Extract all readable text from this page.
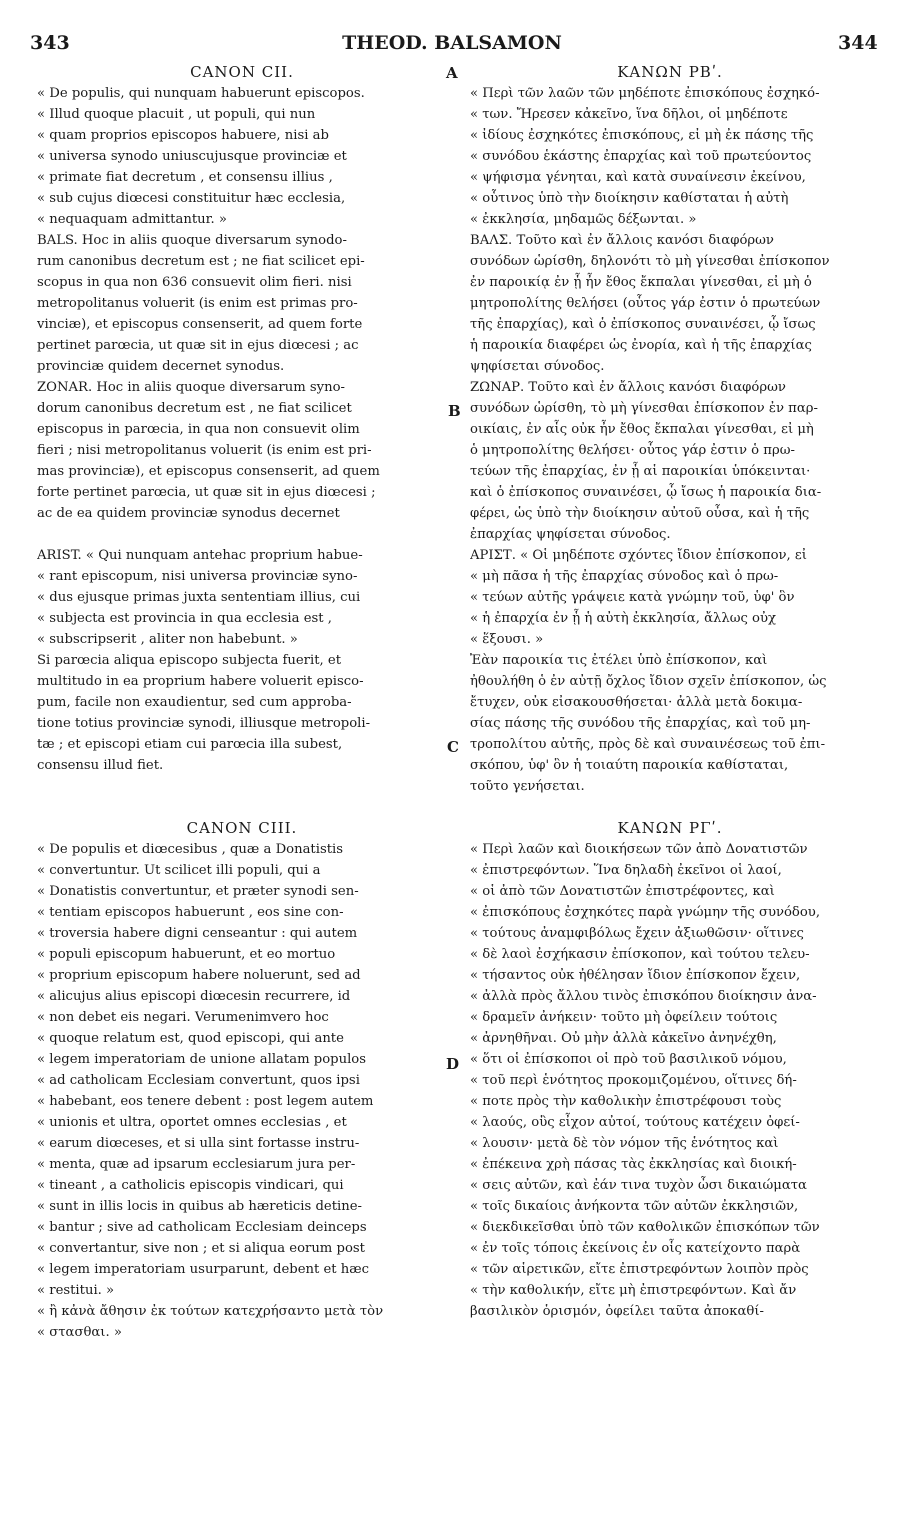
343	THEOD. BALSAMON	344
A
B
C
D
CANON CII.
« De populis, qui nunquam habuerunt episcopos.
« Illud quoque placuit , ut populi, qui nun
« quam proprios episcopos habuere, nisi ab
« universa synodo uniuscujusque provinciæ et
« primate fiat decretum , et consensu illius ,
« sub cujus diœcesi constituitur hæc ecclesia,
« nequaquam admittantur. »
BALS. Hoc in aliis quoque diversarum synodo-
rum canonibus decretum est ; ne fiat scilicet epi-
scopus in qua non 636 consuevit olim fieri. nisi
metropolitanus voluerit (is enim est primas pro-
vinciæ), et episcopus consenserit, ad quem forte
pertinet parœcia, ut quæ sit in ejus diœcesi ; ac
provinciæ quidem decernet synodus.
ZONAR. Hoc in aliis quoque diversarum syno-
dorum canonibus decretum est , ne fiat scilicet
episcopus in parœcia, in qua non consuevit olim
fieri ; nisi metropolitanus voluerit (is enim est pri-
mas provinciæ), et episcopus consenserit, ad quem
forte pertinet parœcia, ut quæ sit in ejus diœcesi ;
ac de ea quidem provinciæ synodus decernet
ARIST. « Qui nunquam antehac proprium habue-
« rant episcopum, nisi universa provinciæ syno-
« dus ejusque primas juxta sententiam illius, cui
« subjecta est provincia in qua ecclesia est ,
« subscripserit , aliter non habebunt. »
Si parœcia aliqua episcopo subjecta fuerit, et
multitudo in ea proprium habere voluerit episco-
pum, facile non exaudientur, sed cum approba-
tione totius provinciæ synodi, illiusque metropoli-
tæ ; et episcopi etiam cui parœcia illa subest,
consensu illud fiet.
CANON CIII.
« De populis et diœcesibus , quæ a Donatistis
« convertuntur. Ut scilicet illi populi, qui a
« Donatistis convertuntur, et præter synodi sen-
« tentiam episcopos habuerunt , eos sine con-
« troversia habere digni censeantur : qui autem
« populi episcopum habuerunt, et eo mortuo
« proprium episcopum habere noluerunt, sed ad
« alicujus alius episcopi diœcesin recurrere, id
« non debet eis negari. Verumenimvero hoc
« quoque relatum est, quod episcopi, qui ante
« legem imperatoriam de unione allatam populos
« ad catholicam Ecclesiam convertunt, quos ipsi
« habebant, eos tenere debent : post legem autem
« unionis et ultra, oportet omnes ecclesias , et
« earum diœceses, et si ulla sint fortasse instru-
« menta, quæ ad ipsarum ecclesiarum jura per-
« tineant , a catholicis episcopis vindicari, qui
« sunt in illis locis in quibus ab hæreticis detine-
« bantur ; sive ad catholicam Ecclesiam deinceps
« convertantur, sive non ; et si aliqua eorum post
« legem imperatoriam usurparunt, debent et hæc
« restitui. »
« ἢ κἀνὰ ἄθησιν ἐκ τούτων κατεχρήσαντο μετὰ τὸν
« στασθαι. »
ΚΑΝΩΝ ΡΒʹ.
« Περὶ τῶν λαῶν τῶν μηδέποτε ἐπισκόπους ἐσχηκό-
« των. Ἤρεσεν κἀκεῖνο, ἵνα δῆλοι, οἱ μηδέποτε
« ἰδίους ἐσχηκότες ἐπισκόπους, εἰ μὴ ἐκ πάσης τῆς
« συνόδου ἑκάστης ἐπαρχίας καὶ τοῦ πρωτεύοντος
« ψήφισμα γένηται, καὶ κατὰ συναίνεσιν ἐκείνου,
« οὗτινος ὑπὸ τὴν διοίκησιν καθίσταται ἡ αὐτὴ
« ἐκκλησία, μηδαμῶς δέξωνται. »
ΒΑΛΣ. Τοῦτο καὶ ἐν ἄλλοις κανόσι διαφόρων
συνόδων ὡρίσθη, δηλονότι τὸ μὴ γίνεσθαι ἐπίσκοπον
ἐν παροικίᾳ ἐν ᾗ ἦν ἔθος ἔκπαλαι γίνεσθαι, εἰ μὴ ὁ
μητροπολίτης θελήσει (οὗτος γάρ ἐστιν ὁ πρωτεύων
τῆς ἐπαρχίας), καὶ ὁ ἐπίσκοπος συναινέσει, ᾧ ἴσως
ἡ παροικία διαφέρει ὡς ἐνορία, καὶ ἡ τῆς ἐπαρχίας
ψηφίσεται σύνοδος.
ΖΩΝΑΡ. Τοῦτο καὶ ἐν ἄλλοις κανόσι διαφόρων
συνόδων ὡρίσθη, τὸ μὴ γίνεσθαι ἐπίσκοπον ἐν παρ-
οικίαις, ἐν αἷς οὐκ ἦν ἔθος ἔκπαλαι γίνεσθαι, εἰ μὴ
ὁ μητροπολίτης θελήσει· οὗτος γάρ ἐστιν ὁ πρω-
τεύων τῆς ἐπαρχίας, ἐν ᾗ αἱ παροικίαι ὑπόκεινται·
καὶ ὁ ἐπίσκοπος συναινέσει, ᾧ ἴσως ἡ παροικία δια-
φέρει, ὡς ὑπὸ τὴν διοίκησιν αὐτοῦ οὖσα, καὶ ἡ τῆς
ἐπαρχίας ψηφίσεται σύνοδος.
ΑΡΙΣΤ. « Οἱ μηδέποτε σχόντες ἴδιον ἐπίσκοπον, εἰ
« μὴ πᾶσα ἡ τῆς ἐπαρχίας σύνοδος καὶ ὁ πρω-
« τεύων αὐτῆς γράψειε κατὰ γνώμην τοῦ, ὑφ' ὃν
« ἡ ἐπαρχία ἐν ᾗ ἡ αὐτὴ ἐκκλησία, ἄλλως οὐχ
« ἕξουσι. »
Ἐὰν παροικία τις ἐτέλει ὑπὸ ἐπίσκοπον, καὶ
ἠθουλήθη ὁ ἐν αὐτῇ ὄχλος ἴδιον σχεῖν ἐπίσκοπον, ὡς
ἔτυχεν, οὐκ εἰσακουσθήσεται· ἀλλὰ μετὰ δοκιμα-
σίας πάσης τῆς συνόδου τῆς ἐπαρχίας, καὶ τοῦ μη-
τροπολίτου αὐτῆς, πρὸς δὲ καὶ συναινέσεως τοῦ ἐπι-
σκόπου, ὑφ' ὃν ἡ τοιαύτη παροικία καθίσταται,
τοῦτο γενήσεται.
ΚΑΝΩΝ ΡΓʹ.
« Περὶ λαῶν καὶ διοικήσεων τῶν ἀπὸ Δονατιστῶν
« ἐπιστρεφόντων. Ἵνα δηλαδὴ ἐκεῖνοι οἱ λαοί,
« οἱ ἀπὸ τῶν Δονατιστῶν ἐπιστρέφοντες, καὶ
« ἐπισκόπους ἐσχηκότες παρὰ γνώμην τῆς συνόδου,
« τούτους ἀναμφιβόλως ἔχειν ἀξιωθῶσιν· οἵτινες
« δὲ λαοὶ ἐσχήκασιν ἐπίσκοπον, καὶ τούτου τελευ-
« τήσαντος οὐκ ἠθέλησαν ἴδιον ἐπίσκοπον ἔχειν,
« ἀλλὰ πρὸς ἄλλου τινὸς ἐπισκόπου διοίκησιν ἀνα-
« δραμεῖν ἀνήκειν· τοῦτο μὴ ὀφείλειν τούτοις
« ἀρνηθῆναι. Οὐ μὴν ἀλλὰ κἀκεῖνο ἀνηνέχθη,
« ὅτι οἱ ἐπίσκοποι οἱ πρὸ τοῦ βασιλικοῦ νόμου,
« τοῦ περὶ ἑνότητος προκομιζομένου, οἵτινες δή-
« ποτε πρὸς τὴν καθολικὴν ἐπιστρέφουσι τοὺς
« λαούς, οὓς εἶχον αὐτοί, τούτους κατέχειν ὀφεί-
« λουσιν· μετὰ δὲ τὸν νόμον τῆς ἑνότητος καὶ
« ἐπέκεινα χρὴ πάσας τὰς ἐκκλησίας καὶ διοική-
« σεις αὐτῶν, καὶ ἐάν τινα τυχὸν ὦσι δικαιώματα
« τοῖς δικαίοις ἀνήκοντα τῶν αὐτῶν ἐκκλησιῶν,
« διεκδικεῖσθαι ὑπὸ τῶν καθολικῶν ἐπισκόπων τῶν
« ἐν τοῖς τόποις ἐκείνοις ἐν οἷς κατείχοντο παρὰ
« τῶν αἱρετικῶν, εἴτε ἐπιστρεφόντων λοιπὸν πρὸς
« τὴν καθολικήν, εἴτε μὴ ἐπιστρεφόντων. Καὶ ἄν
βασιλικὸν ὁρισμόν, ὀφείλει ταῦτα ἀποκαθί-
